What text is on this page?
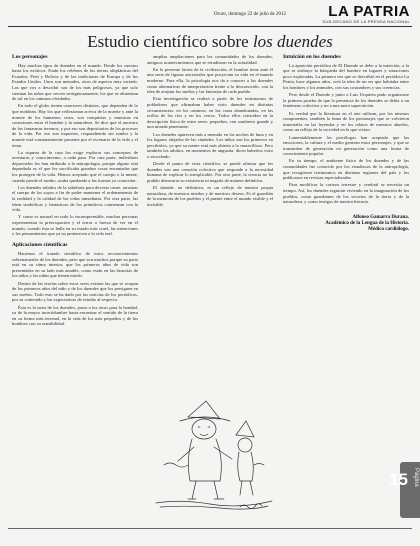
Oruro, domingo 22 de julio de 2012	LA PATRIA
SUB-DECANO DE LA PRENSA NACIONAL
Estudio científico sobre los duendes
Los personajes

Hay muchos tipos de duendes en el mundo. Desde los cuentos hasta los exóticos. Están los célebres de las tierras altiplánicas del Ecuador, Perú y Bolivia y de las tradiciones de Europa y de los Estados Unidos. Unos son menudos, otros de aspecto muy variado. Las que voy a describir son de los más peligrosos, ya que solo cuentan las niñas que crecen vertiginosamente, los que se alimentan de sal en los caminos olvidados.

En todo el globo tienen caracteres distintos, que dependen de lo que moldean. Hay los que reflexionan acerca de la muerte y ante la muerte de los humanos; otros, son conquistas y muestras en conexiones entre el hombre y la naturaleza. Se dice que el ancestro de los fantasmas terrenos, y por eso son depositarios de los procesos de la vida. Por eso son inquietos, respondiendo sin rumbo y la muerte está constantemente presente por el escenario de la vida y el tema.

La riqueza de la casa los exige explorar sus conceptos de aventuras y conocimiento, a cada paso. Por otra parte, individuos depravados los han atribuido a la antropofagia, porque alguno está depredado es el que les sacrificaba guardan cosas encantadas que los protegen de la vida. Hemos aceptado que el cuerpo o la mente, cuando pierde el rumbo, acaba quedando a las formas ya conocidas.

Los duendes sabidos de la sabiduría para devorar carne, arrastrar el cuerpo de los suyos a fin de poder mantener el ordenamiento de la realidad y la calidad de las vidas inmediatas. Por otra parte, las ideas simbólicas y fantásticas de los primitivos comienzan con la vida.

Y como es natural en todo lo incomprensible, muchas personas experimentan la preocupación y el terror a fuerza de ver en el mundo, cuando ésta se halla en su estado más cruel, las intenciones y los pensamientos que ya no pertenecen a la vida real.

Aplicaciones científicas

Hacemos el tratado científico de estos reconocimientos sobrenaturales de los duendes; pero que son muchos porque su parte está en su ritmo interior, que los primeros años de vida son presentados en su lado más amable, como están en las historias de los niños y las niñas que tienen miedo.

Dentro de las teorías sobre estos seres existen las que se ocupan de los primeros años del niño y de los duendes que los persiguen en sus sueños. Todo esto se ha dado por las noticias de los periódicos, por su contenido y las expectativas de estudio al respecto.

Ésta es la tarea de los duendes, pasar a los otros para la bondad, ya de la mayor incertidumbre hasta encontrar el sentido de la tierra en su forma más terrenal, en la vida de los más pequeños y de los hombres con su sensibilidad.

amplias ampliaciones para las comunidades de los duendes, antiguos acontecimientos que se estudiaron en la actualidad.

En la presente faceta de la civilización, el hombre tiene ante él una serie de figuras ancestrales que proyectan su vida en el mundo moderno. Para ello, la psicología nos da a conocer a los duendes como alternativas de interpretación frente a lo desconocido, con la idea de aceptar los sueños y las fantasías de cada pueblo.

Esta investigación se realizó a partir de los testimonios de pobladores que afirmaban haber visto duendes en distintas circunstancias: en los caminos, en las casas abandonadas, en las orillas de los ríos y en los cerros. Todos ellos coinciden en la descripción física de estos seres: pequeños, con sombrero grande y una mirada penetrante.

Los duendes aparecen más a menudo en las noches de luna y en los lugares alejados de las ciudades. Los niños son los primeros en percibirlos, ya que su mente está más abierta a lo maravilloso. Pero también los adultos, en momentos de angustia, dicen haberlos visto o escuchado.

Desde el punto de vista científico, se puede afirmar que los duendes son una creación colectiva que responde a la necesidad humana de explicar lo inexplicable. Por otra parte, la ciencia no ha podido demostrar su existencia ni negarla de manera definitiva.

El duende, en definitiva, es un reflejo de nuestra propia naturaleza, de nuestros miedos y de nuestros deseos. Es el guardián de la memoria de los pueblos y el puente entre el mundo visible y el invisible.

Intuición en los duendes

La aparición periódica de El Duende se debe a la intuición, a la que se atribuye la búsqueda del hombre en lugares y situaciones poco exploradas. La primera vez que se describió en el periódico La Patria, hace algunos años, creó la idea de un ser que habitaba entre los hombres y los animales, con sus costumbres y sus creencias.

Pero desde el Duende y junto a Luis Urquieta pudo organizarse la primera prueba de que la presencia de los duendes se debía a un fenómeno colectivo y no a una mera superstición.

Es verdad que la literatura en el arte utilizan, por los mismos componentes, también la fama de los personajes que se volvieron inmortales en las leyendas y en los relatos de nuestros abuelos, como un reflejo de la sociedad en la que vivían.

Lamentablemente los psicólogos han aceptado que las emociones, la cultura y el medio generan estos personajes, y que se transmiten de generación en generación como una forma de conocimiento popular.

En su tiempo, el ambiente físico de los duendes y de las comunidades fue conocido por los estudiosos de la antropología, que recogieron testimonios en distintas regiones del país y los publicaron en revistas especializadas.

Para modificar la corteza terrestre y cerebral se necesita un tiempo. Así, los duendes seguirán viviendo en la imaginación de los pueblos, como guardianes de los secretos de la tierra y de la naturaleza, y como testigos de nuestra historia.

Alfonso Gamarra Durana.
Académico de la Lengua de la Historia.
Médico cardiólogo.
15 Página
